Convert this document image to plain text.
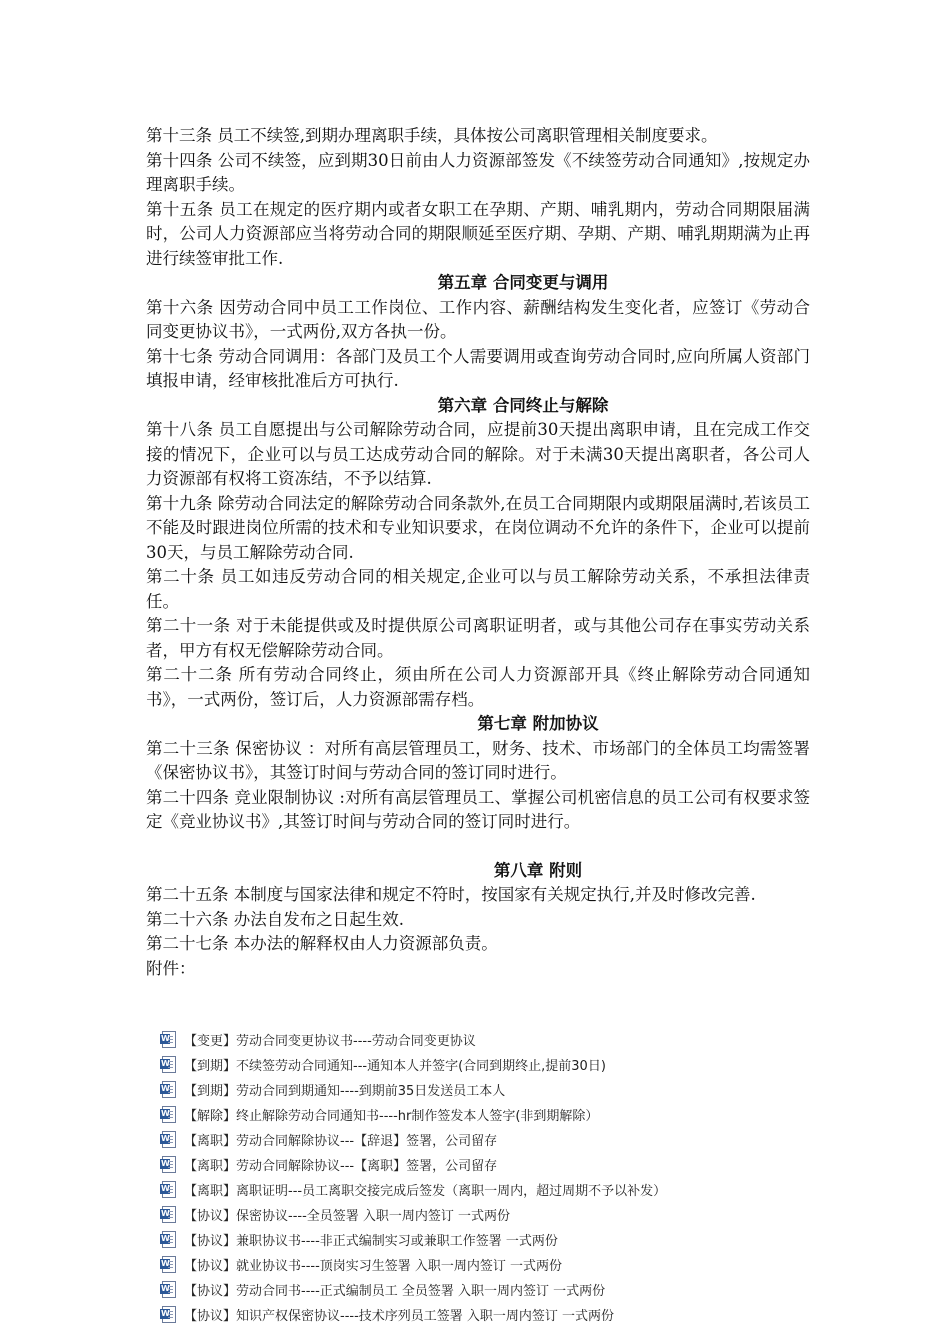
第十三条 员工不续签,到期办理离职手续，具体按公司离职管理相关制度要求。

第十四条 公司不续签，应到期30日前由人力资源部签发《不续签劳动合同通知》,按规定办理离职手续。

第十五条 员工在规定的医疗期内或者女职工在孕期、产期、哺乳期内，劳动合同期限届满时，公司人力资源部应当将劳动合同的期限顺延至医疗期、孕期、产期、哺乳期期满为止再进行续签审批工作.

第五章 合同变更与调用

第十六条 因劳动合同中员工工作岗位、工作内容、薪酬结构发生变化者，应签订《劳动合同变更协议书》，一式两份,双方各执一份。

第十七条 劳动合同调用：各部门及员工个人需要调用或查询劳动合同时,应向所属人资部门填报申请，经审核批准后方可执行.

第六章 合同终止与解除

第十八条 员工自愿提出与公司解除劳动合同，应提前30天提出离职申请，且在完成工作交接的情况下，企业可以与员工达成劳动合同的解除。对于未满30天提出离职者，各公司人力资源部有权将工资冻结，不予以结算.

第十九条 除劳动合同法定的解除劳动合同条款外,在员工合同期限内或期限届满时,若该员工不能及时跟进岗位所需的技术和专业知识要求，在岗位调动不允许的条件下，企业可以提前30天，与员工解除劳动合同.

第二十条 员工如违反劳动合同的相关规定,企业可以与员工解除劳动关系，不承担法律责任。

第二十一条 对于未能提供或及时提供原公司离职证明者，或与其他公司存在事实劳动关系者，甲方有权无偿解除劳动合同。

第二十二条 所有劳动合同终止，须由所在公司人力资源部开具《终止解除劳动合同通知书》，一式两份，签订后，人力资源部需存档。

第七章 附加协议

第二十三条 保密协议 ：对所有高层管理员工，财务、技术、市场部门的全体员工均需签署《保密协议书》，其签订时间与劳动合同的签订同时进行。

第二十四条 竞业限制协议 :对所有高层管理员工、掌握公司机密信息的员工公司有权要求签定《竞业协议书》,其签订时间与劳动合同的签订同时进行。

第八章 附则

第二十五条 本制度与国家法律和规定不符时，按国家有关规定执行,并及时修改完善.

第二十六条 办法自发布之日起生效.

第二十七条 本办法的解释权由人力资源部负责。

附件：

W
【变更】劳动合同变更协议书----劳动合同变更协议
W
【到期】不续签劳动合同通知---通知本人并签字(合同到期终止,提前30日)
W
【到期】劳动合同到期通知----到期前35日发送员工本人
W
【解除】终止解除劳动合同通知书----hr制作签发本人签字(非到期解除）
W
【离职】劳动合同解除协议---【辞退】签署，公司留存
W
【离职】劳动合同解除协议---【离职】签署，公司留存
W
【离职】离职证明---员工离职交接完成后签发（离职一周内，超过周期不予以补发）
W
【协议】保密协议----全员签署 入职一周内签订 一式两份
W
【协议】兼职协议书----非正式编制实习或兼职工作签署 一式两份
W
【协议】就业协议书----顶岗实习生签署 入职一周内签订 一式两份
W
【协议】劳动合同书----正式编制员工 全员签署 入职一周内签订 一式两份
W
【协议】知识产权保密协议----技术序列员工签署 入职一周内签订 一式两份
